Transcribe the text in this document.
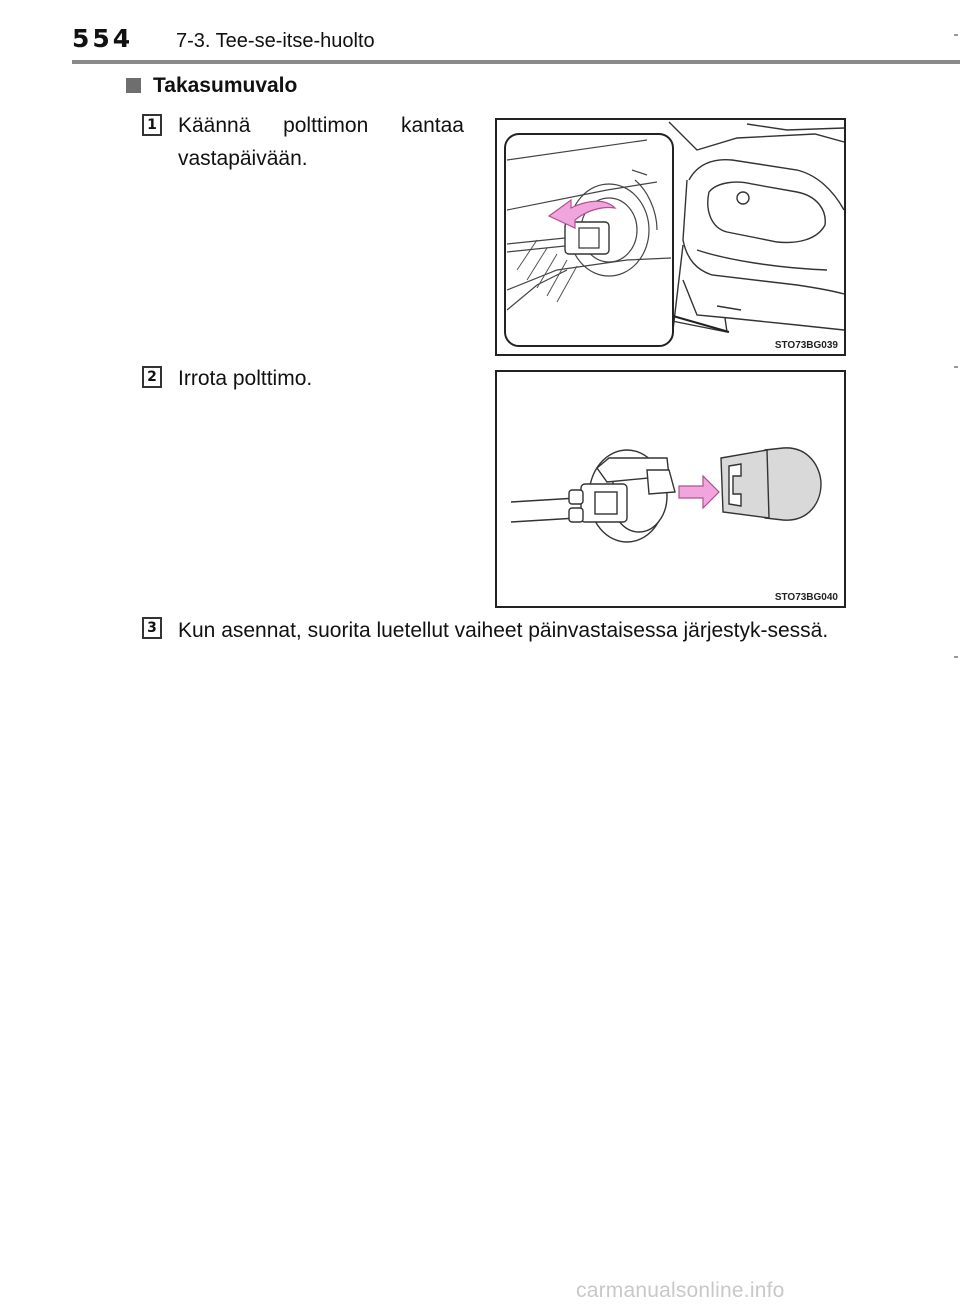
554 7-3. Tee-se-itse-huolto
Takasumuvalo
1 Käännä polttimon kantaa vastapäivään.
STO73BG039
2 Irrota polttimo.
STO73BG040
3 Kun asennat, suorita luetellut vaiheet päinvastaisessa järjestyk-sessä.
carmanualsonline.info
